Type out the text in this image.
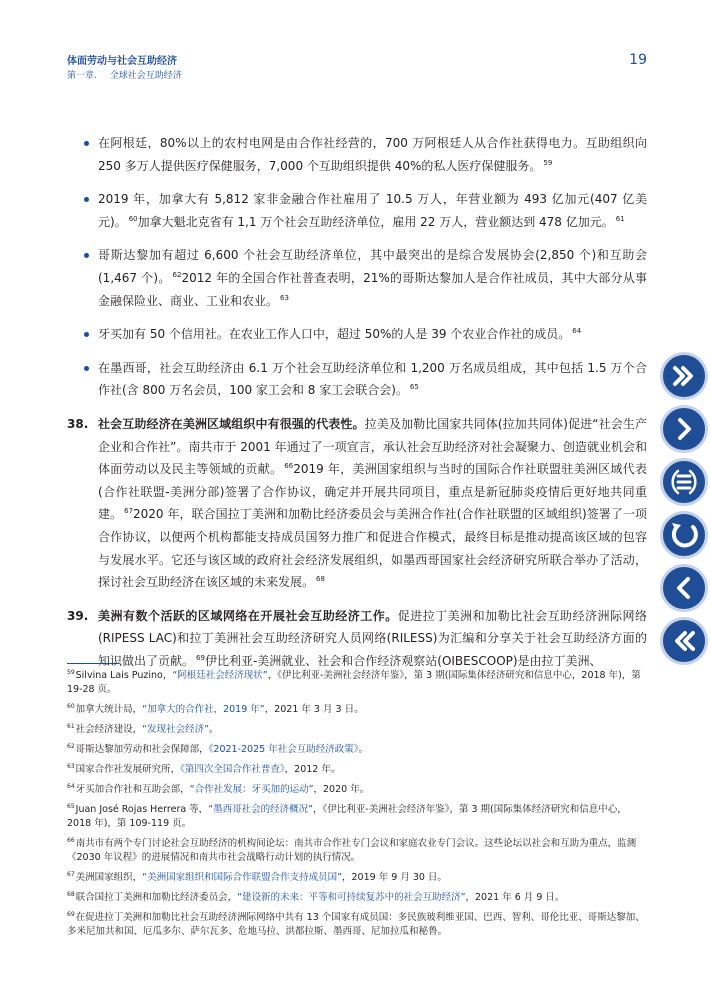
体面劳动与社会互助经济
第一章. 全球社会互助经济
19
在阿根廷，80%以上的农村电网是由合作社经营的，700 万阿根廷人从合作社获得电力。互助组织向 250 多万人提供医疗保健服务，7,000 个互助组织提供 40%的私人医疗保健服务。 $^{59}$
2019 年，加拿大有 5,812 家非金融合作社雇用了 10.5 万人，年营业额为 493 亿加元(407 亿美元)。 $^{60}$加拿大魁北克省有 1,1 万个社会互助经济单位，雇用 22 万人，营业额达到 478 亿加元。 $^{61}$
哥斯达黎加有超过 6,600 个社会互助经济单位，其中最突出的是综合发展协会(2,850 个)和互助会(1,467 个)。 $^{62}$2012 年的全国合作社普查表明，21%的哥斯达黎加人是合作社成员，其中大部分从事金融保险业、商业、工业和农业。 $^{63}$
牙买加有 50 个信用社。在农业工作人口中，超过 50%的人是 39 个农业合作社的成员。 $^{64}$
在墨西哥，社会互助经济由 6.1 万个社会互助经济单位和 1,200 万名成员组成，其中包括 1.5 万个合作社(含 800 万名会员，100 家工会和 8 家工会联合会)。 $^{65}$
38. 社会互助经济在美洲区域组织中有很强的代表性。拉美及加勒比国家共同体(拉加共同体)促进“社会生产企业和合作社”。南共市于 2001 年通过了一项宣言，承认社会互助经济对社会凝聚力、创造就业机会和体面劳动以及民主等领域的贡献。 $^{66}$2019 年，美洲国家组织与当时的国际合作社联盟驻美洲区域代表(合作社联盟-美洲分部)签署了合作协议，确定并开展共同项目，重点是新冠肺炎疫情后更好地共同重建。 $^{67}$2020 年，联合国拉丁美洲和加勒比经济委员会与美洲合作社(合作社联盟的区域组织)签署了一项合作协议，以便两个机构都能支持成员国努力推广和促进合作模式，最终目标是推动提高该区域的包容与发展水平。它还与该区域的政府社会经济发展组织，如墨西哥国家社会经济研究所联合举办了活动，探讨社会互助经济在该区域的未来发展。 $^{68}$
39. 美洲有数个活跃的区域网络在开展社会互助经济工作。促进拉丁美洲和加勒比社会互助经济洲际网络(RIPESS LAC)和拉丁美洲社会互助经济研究人员网络(RILESS)为汇编和分享关于社会互助经济方面的知识做出了贡献。 $^{69}$伊比利亚-美洲就业、社会和合作经济观察站(OIBESCOOP)是由拉丁美洲、
$^{59}$Silvina Lais Puzino，“阿根廷社会经济现状”，《伊比利亚-美洲社会经济年鉴》，第 3 期(国际集体经济研究和信息中心，2018 年)，第 19-28 页。
$^{60}$加拿大统计局，“加拿大的合作社，2019 年”，2021 年 3 月 3 日。
$^{61}$社会经济建设，“发现社会经济”。
$^{62}$哥斯达黎加劳动和社会保障部，《2021-2025 年社会互助经济政策》。
$^{63}$国家合作社发展研究所，《第四次全国合作社普查》，2012 年。
$^{64}$牙买加合作社和互助会部，“合作社发展：牙买加的运动”，2020 年。
$^{65}$Juan José Rojas Herrera 等，“墨西哥社会的经济概况”，《伊比利亚-美洲社会经济年鉴》，第 3 期(国际集体经济研究和信息中心，2018 年)，第 109-119 页。
$^{66}$南共市有两个专门讨论社会互助经济的机构间论坛：南共市合作社专门会议和家庭农业专门会议。这些论坛以社会和互助为重点，监测《2030 年议程》的进展情况和南共市社会战略行动计划的执行情况。
$^{67}$美洲国家组织，“美洲国家组织和国际合作联盟合作支持成员国”，2019 年 9 月 30 日。
$^{68}$联合国拉丁美洲和加勒比经济委员会，“建设新的未来：平等和可持续复苏中的社会互助经济”，2021 年 6 月 9 日。
$^{69}$在促进拉丁美洲和加勒比社会互助经济洲际网络中共有 13 个国家有成员国：多民族玻利维亚国、巴西、智利、哥伦比亚、哥斯达黎加、多米尼加共和国、厄瓜多尔、萨尔瓦多、危地马拉、洪都拉斯、墨西哥、尼加拉瓜和秘鲁。
